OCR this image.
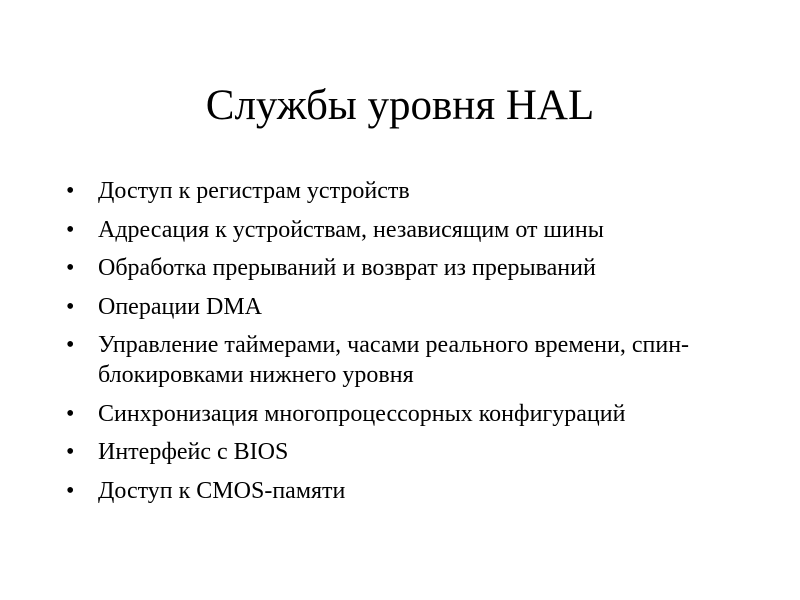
Службы уровня HAL
• Доступ к регистрам устройств
• Адресация к устройствам, независящим от шины
• Обработка прерываний и возврат из прерываний
• Операции DMA
• Управление таймерами, часами реального времени, спин-блокировками нижнего уровня
• Синхронизация многопроцессорных конфигураций
• Интерфейс с BIOS
• Доступ к CMOS-памяти
